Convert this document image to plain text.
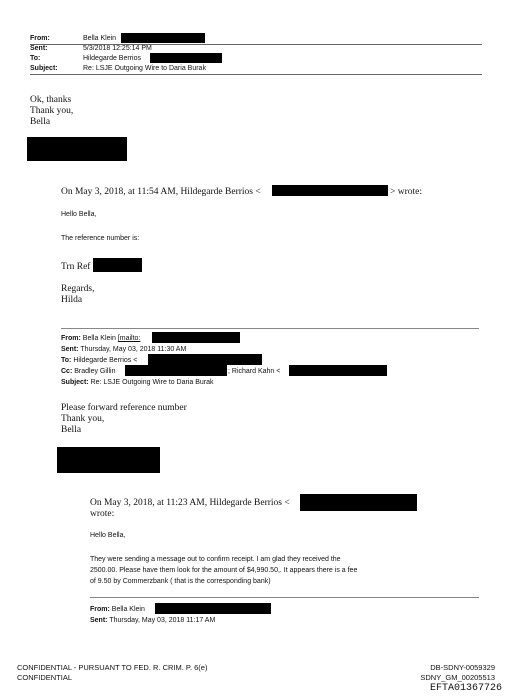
From:	Bella Klein
Sent:	5/3/2018 12:25:14 PM
To:	Hildegarde Berrios
Subject:	Re: LSJE Outgoing Wire to Daria Burak
Ok, thanks
Thank you,
Bella
On May 3, 2018, at 11:54 AM, Hildegarde Berrios <	> wrote:
Hello Bella,
The reference number is:
Trn Ref
Regards,
Hilda
From: Bella Klein [mailto:
Sent: Thursday, May 03, 2018 11:30 AM
To: Hildegarde Berrios <
Cc: Bradley Gillin	; Richard Kahn <
Subject: Re: LSJE Outgoing Wire to Daria Burak
Please forward reference number
Thank you,
Bella
On May 3, 2018, at 11:23 AM, Hildegarde Berrios <
wrote:
Hello Bella,
They were sending a message out to confirm receipt. I am glad they received the
2500.00. Please have them look for the amount of $4,990.50,. It appears there is a fee
of 9.50 by Commerzbank ( that is the corresponding bank)
From: Bella Klein
Sent: Thursday, May 03, 2018 11:17 AM
CONFIDENTIAL - PURSUANT TO FED. R. CRIM. P. 6(e)
CONFIDENTIAL
DB-SDNY-0059329
SDNY_GM_00205513
EFTA01367726
